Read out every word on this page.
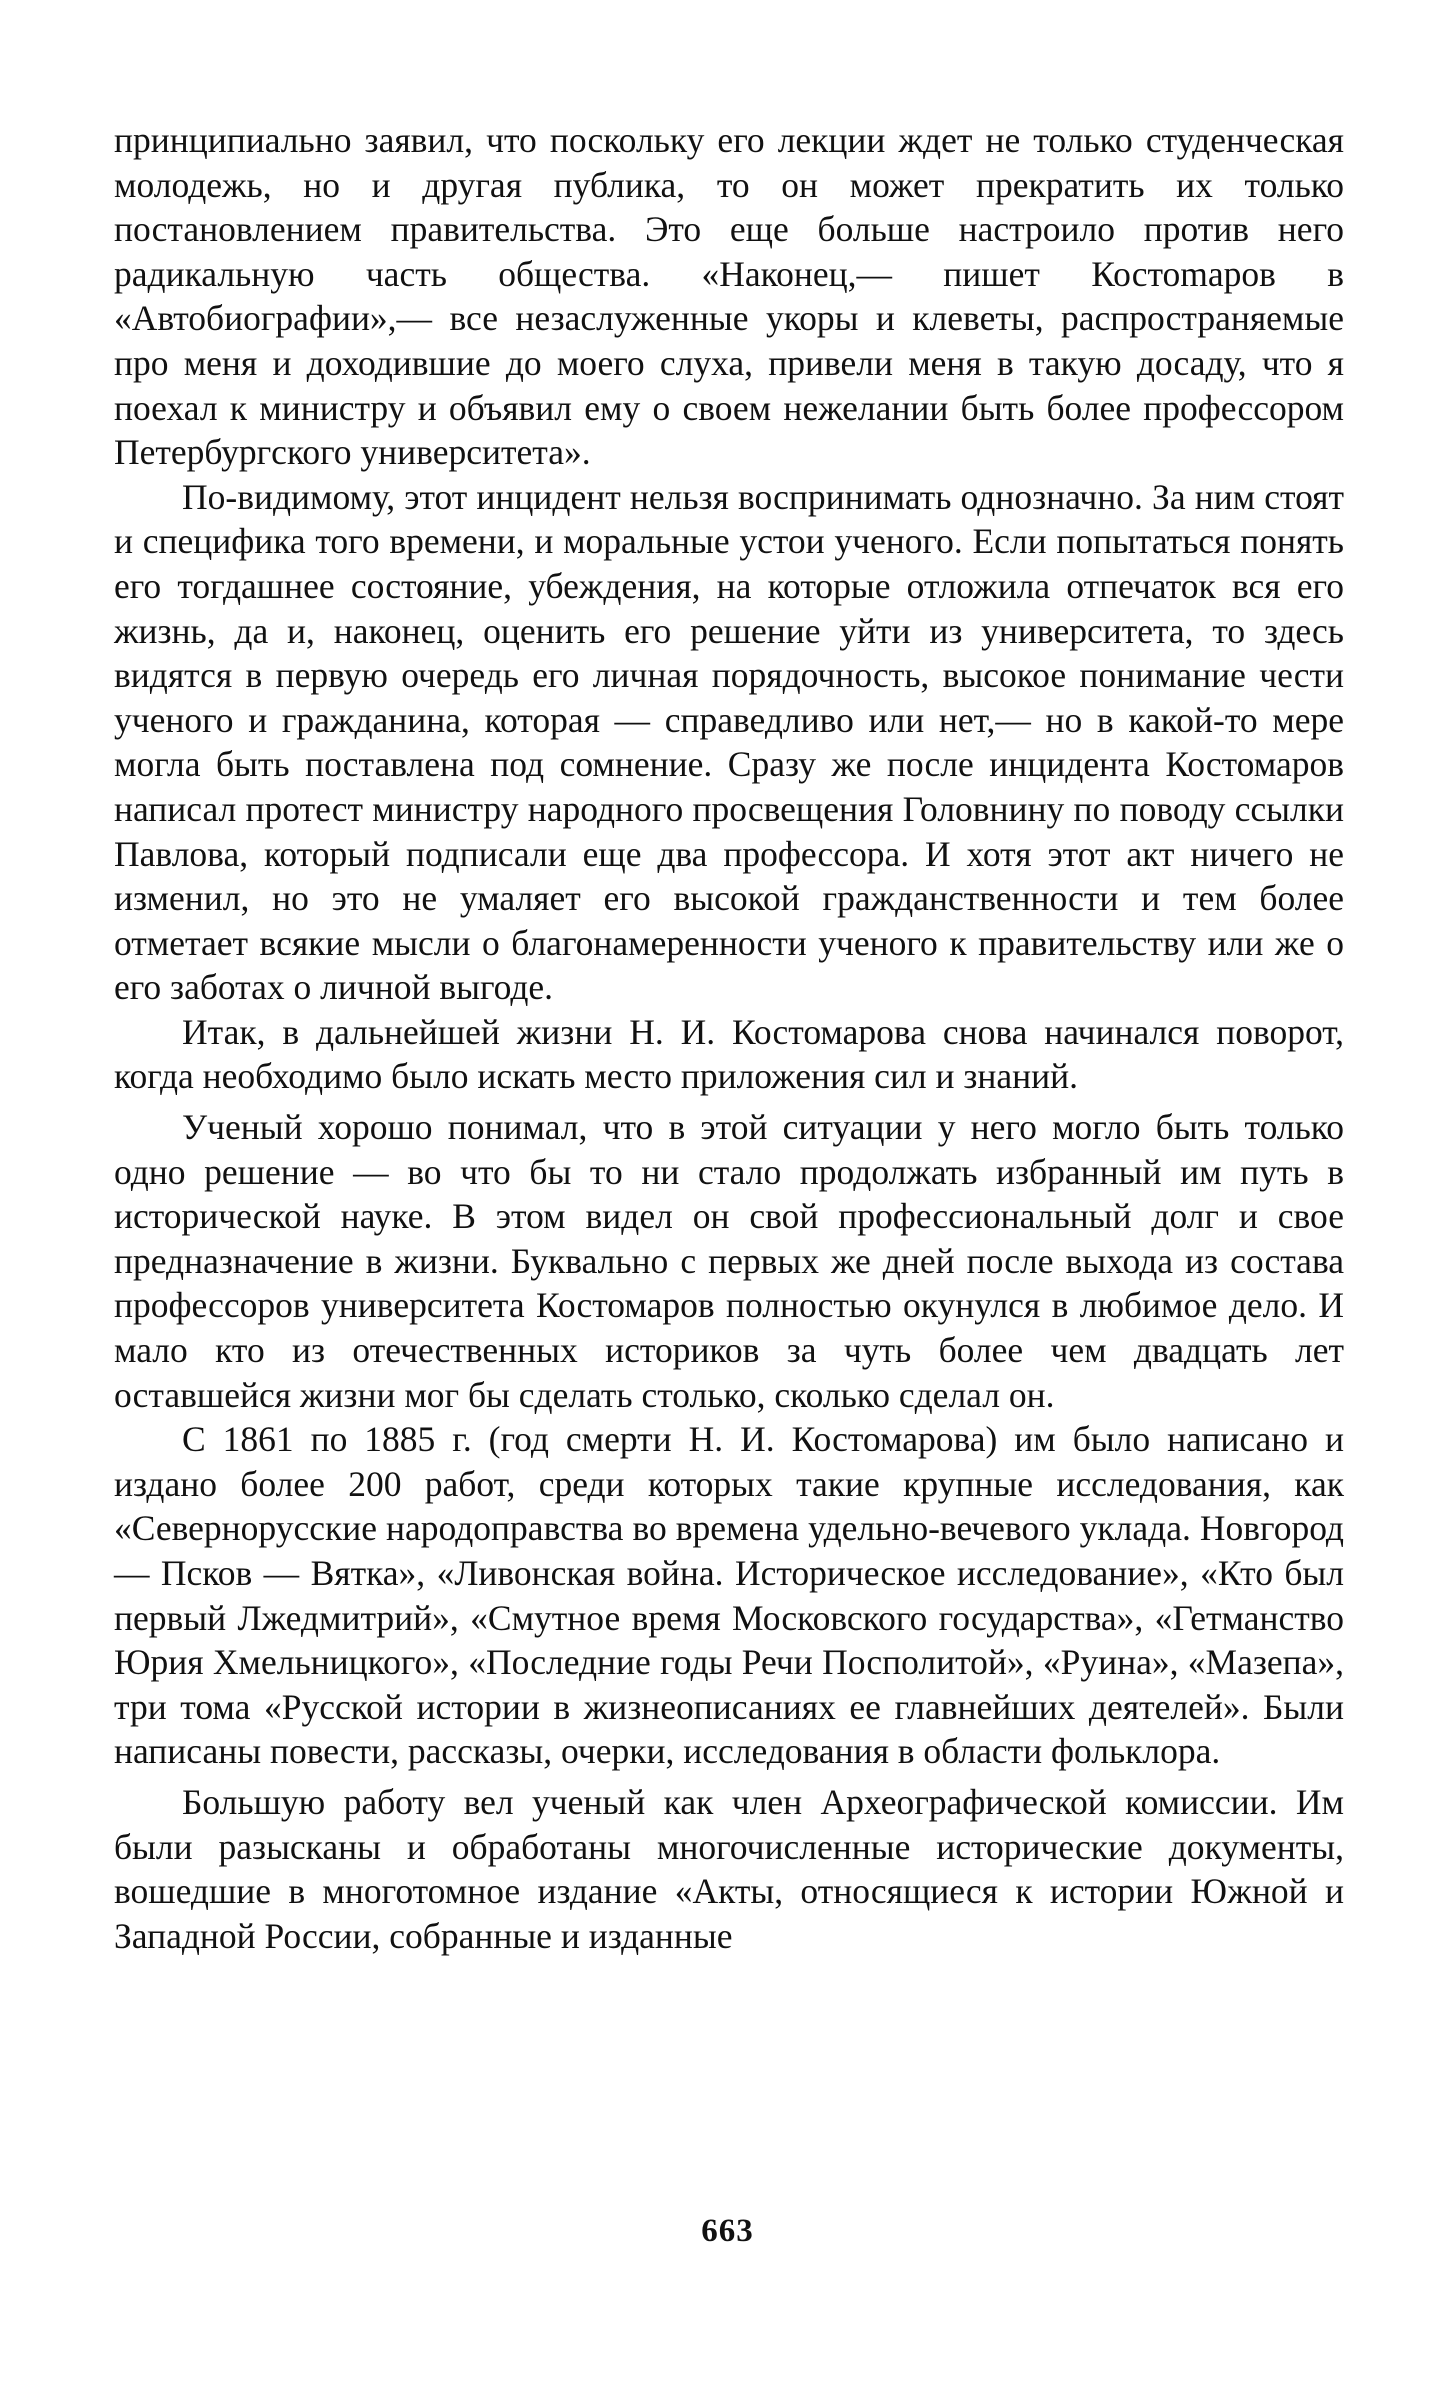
принципиально заявил, что поскольку его лекции ждет не только студенческая молодежь, но и другая публика, то он может прекратить их только постановлением правительства. Это еще больше настроило против него радикальную часть общества. «Наконец,— пишет Костоmаров в «Автобиографии»,— все незаслуженные укоры и клеветы, распространяемые про меня и доходившие до моего слуха, привели меня в такую досаду, что я поехал к министру и объявил ему о своем нежелании быть более профессором Петербургского университета».

По-видимому, этот инцидент нельзя воспринимать однозначно. За ним стоят и специфика того времени, и моральные устои ученого. Если попытаться понять его тогдашнее состояние, убеждения, на которые отложила отпечаток вся его жизнь, да и, наконец, оценить его решение уйти из университета, то здесь видятся в первую очередь его личная порядочность, высокое понимание чести ученого и гражданина, которая — справедливо или нет,— но в какой-то мере могла быть поставлена под сомнение. Сразу же после инцидента Костомаров написал протест министру народного просвещения Головнину по поводу ссылки Павлова, который подписали еще два профессора. И хотя этот акт ничего не изменил, но это не умаляет его высокой гражданственности и тем более отметает всякие мысли о благонамеренности ученого к правительству или же о его заботах о личной выгоде.

Итак, в дальнейшей жизни Н. И. Костомарова снова начинался поворот, когда необходимо было искать место приложения сил и знаний.

Ученый хорошо понимал, что в этой ситуации у него могло быть только одно решение — во что бы то ни стало продолжать избранный им путь в исторической науке. В этом видел он свой профессиональный долг и свое предназначение в жизни. Буквально с первых же дней после выхода из состава профессоров университета Костомаров полностью окунулся в любимое дело. И мало кто из отечественных историков за чуть более чем двадцать лет оставшейся жизни мог бы сделать столько, сколько сделал он.

С 1861 по 1885 г. (год смерти Н. И. Костомарова) им было написано и издано более 200 работ, среди которых такие крупные исследования, как «Севернорусские народоправства во времена удельно-вечевого уклада. Новгород — Псков — Вятка», «Ливонская война. Историческое исследование», «Кто был первый Лжедмитрий», «Смутное время Московского государства», «Гетманство Юрия Хмельницкого», «Последние годы Речи Посполитой», «Руина», «Мазепа», три тома «Русской истории в жизнеописаниях ее главнейших деятелей». Были написаны повести, рассказы, очерки, исследования в области фольклора.

Большую работу вел ученый как член Археографической комиссии. Им были разысканы и обработаны многочисленные исторические документы, вошедшие в многотомное издание «Акты, относящиеся к истории Южной и Западной России, собранные и изданные

663
